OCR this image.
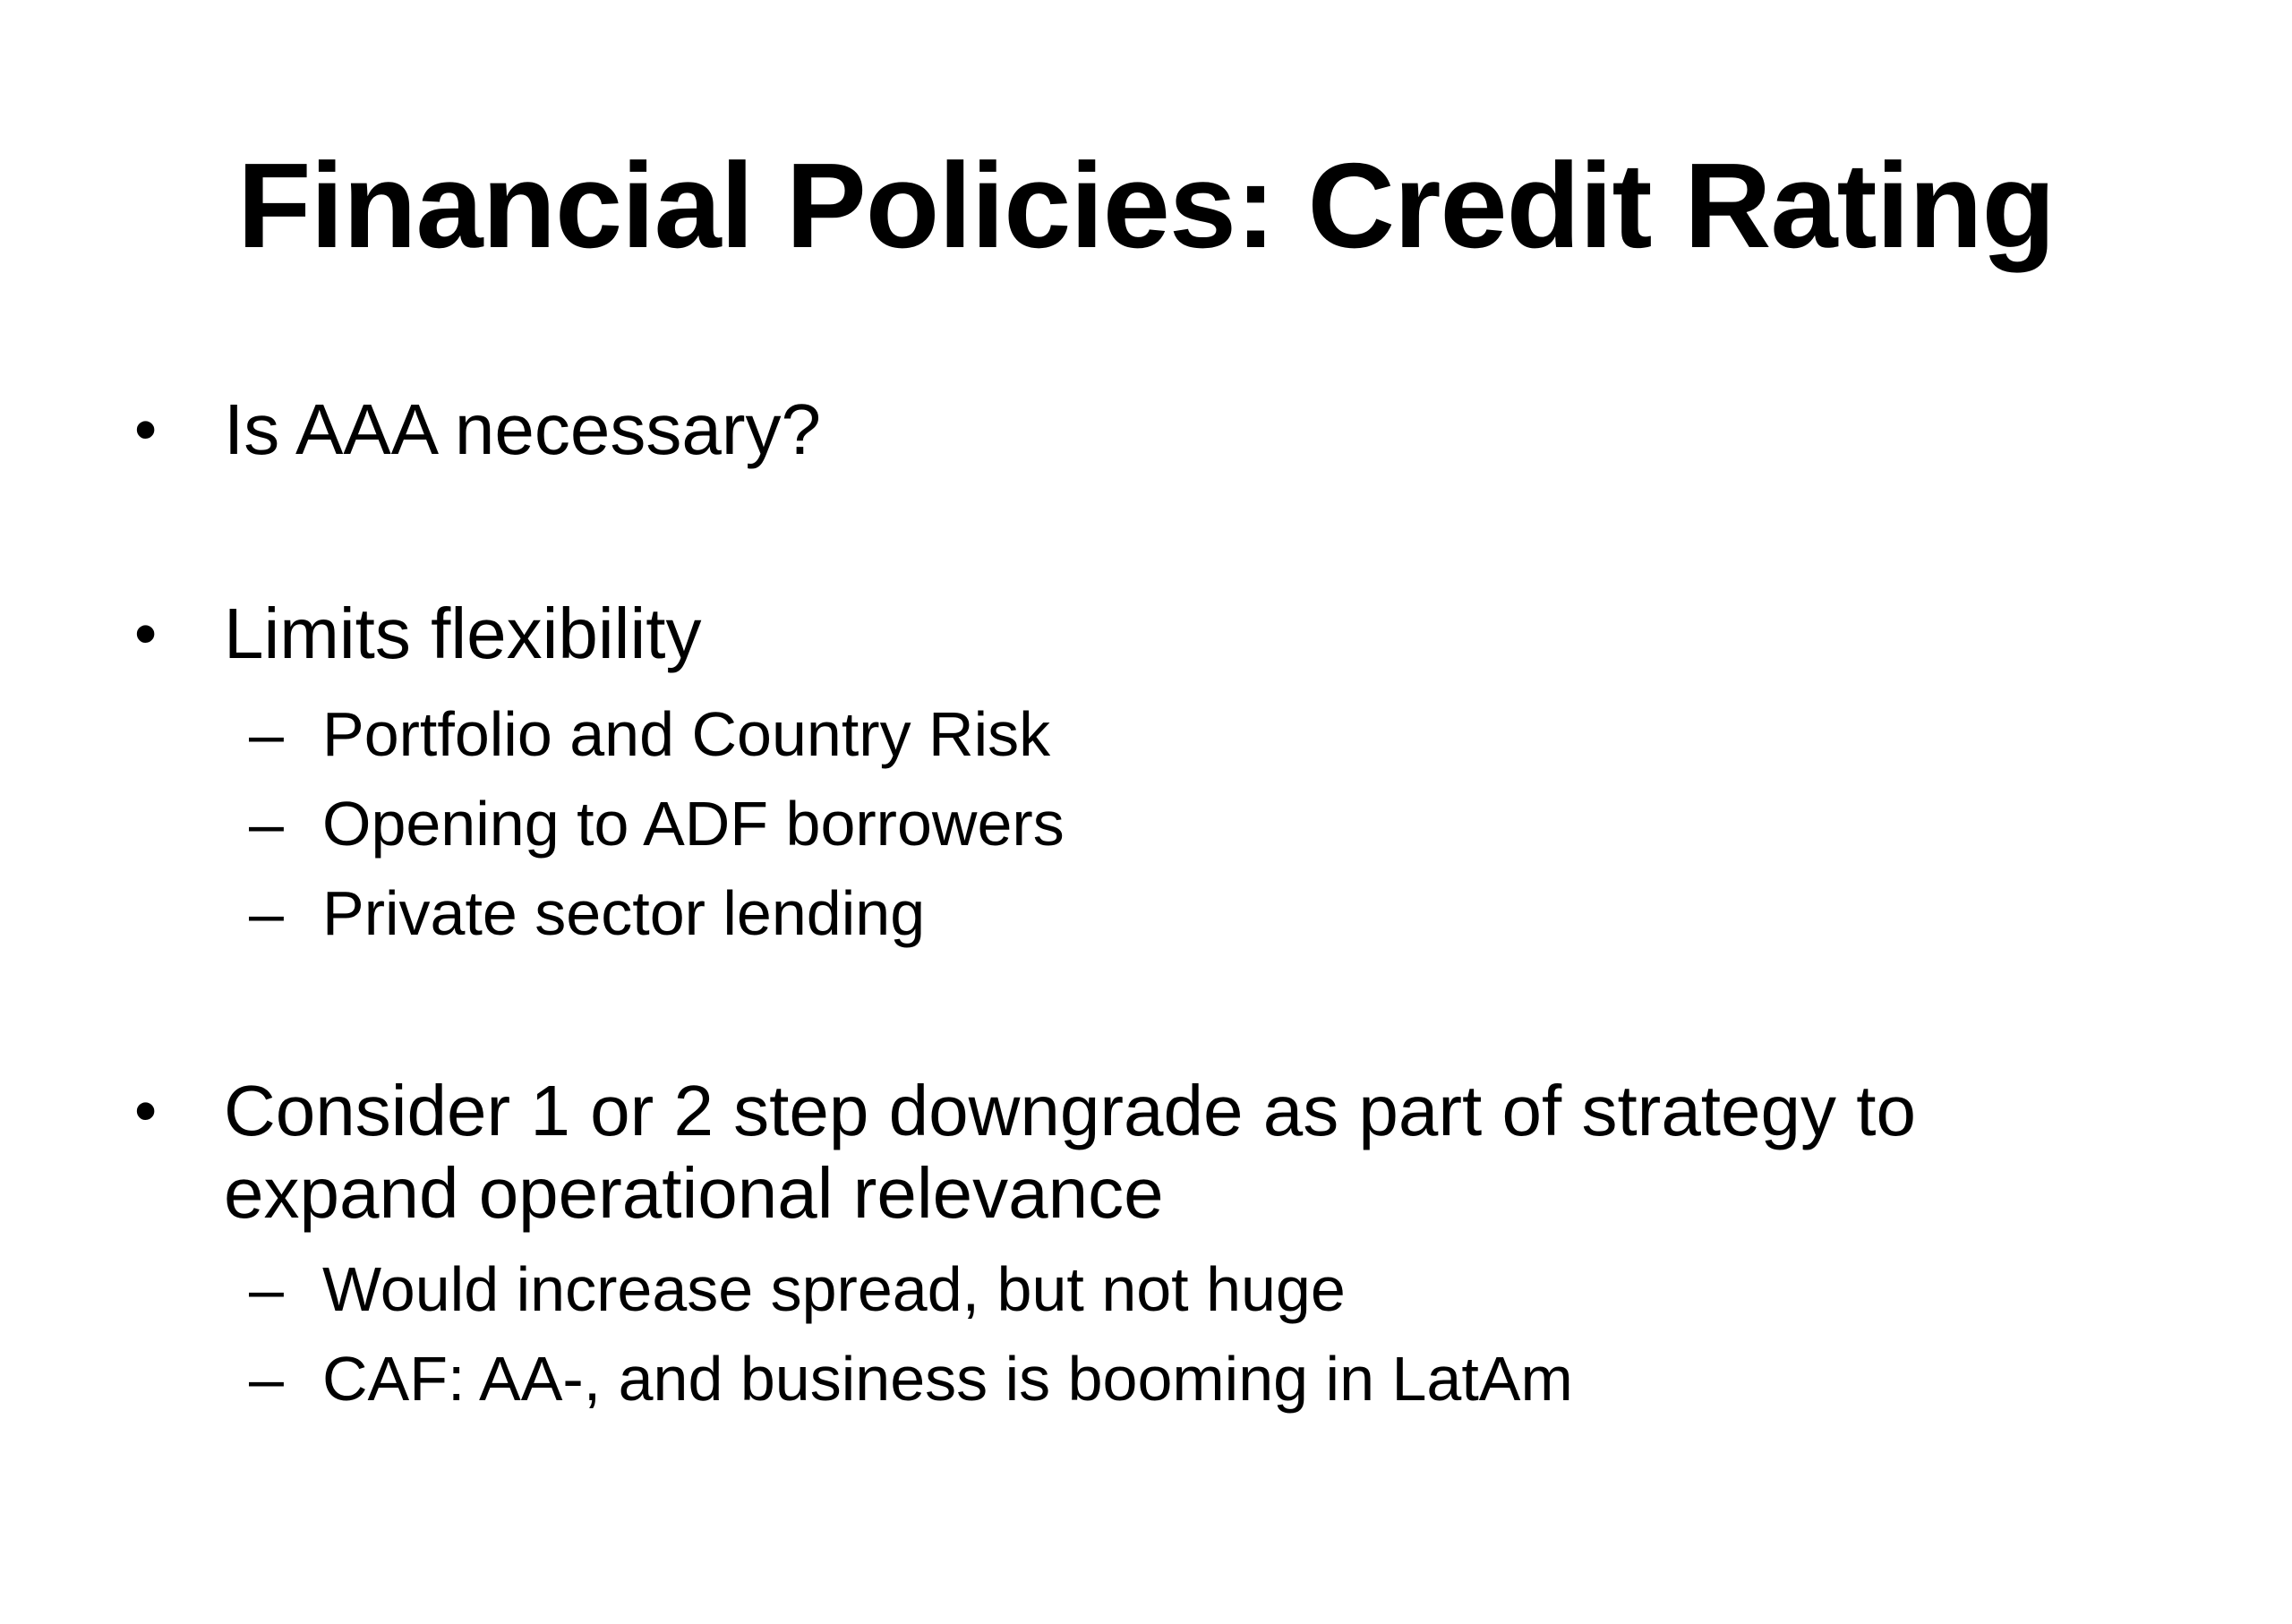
Financial Policies: Credit Rating
• Is AAA necessary?
• Limits flexibility
– Portfolio and Country Risk
– Opening to ADF borrowers
– Private sector lending
• Consider 1 or 2 step downgrade as part of strategy to
expand operational relevance
– Would increase spread, but not huge
– CAF: AA-, and business is booming in LatAm
